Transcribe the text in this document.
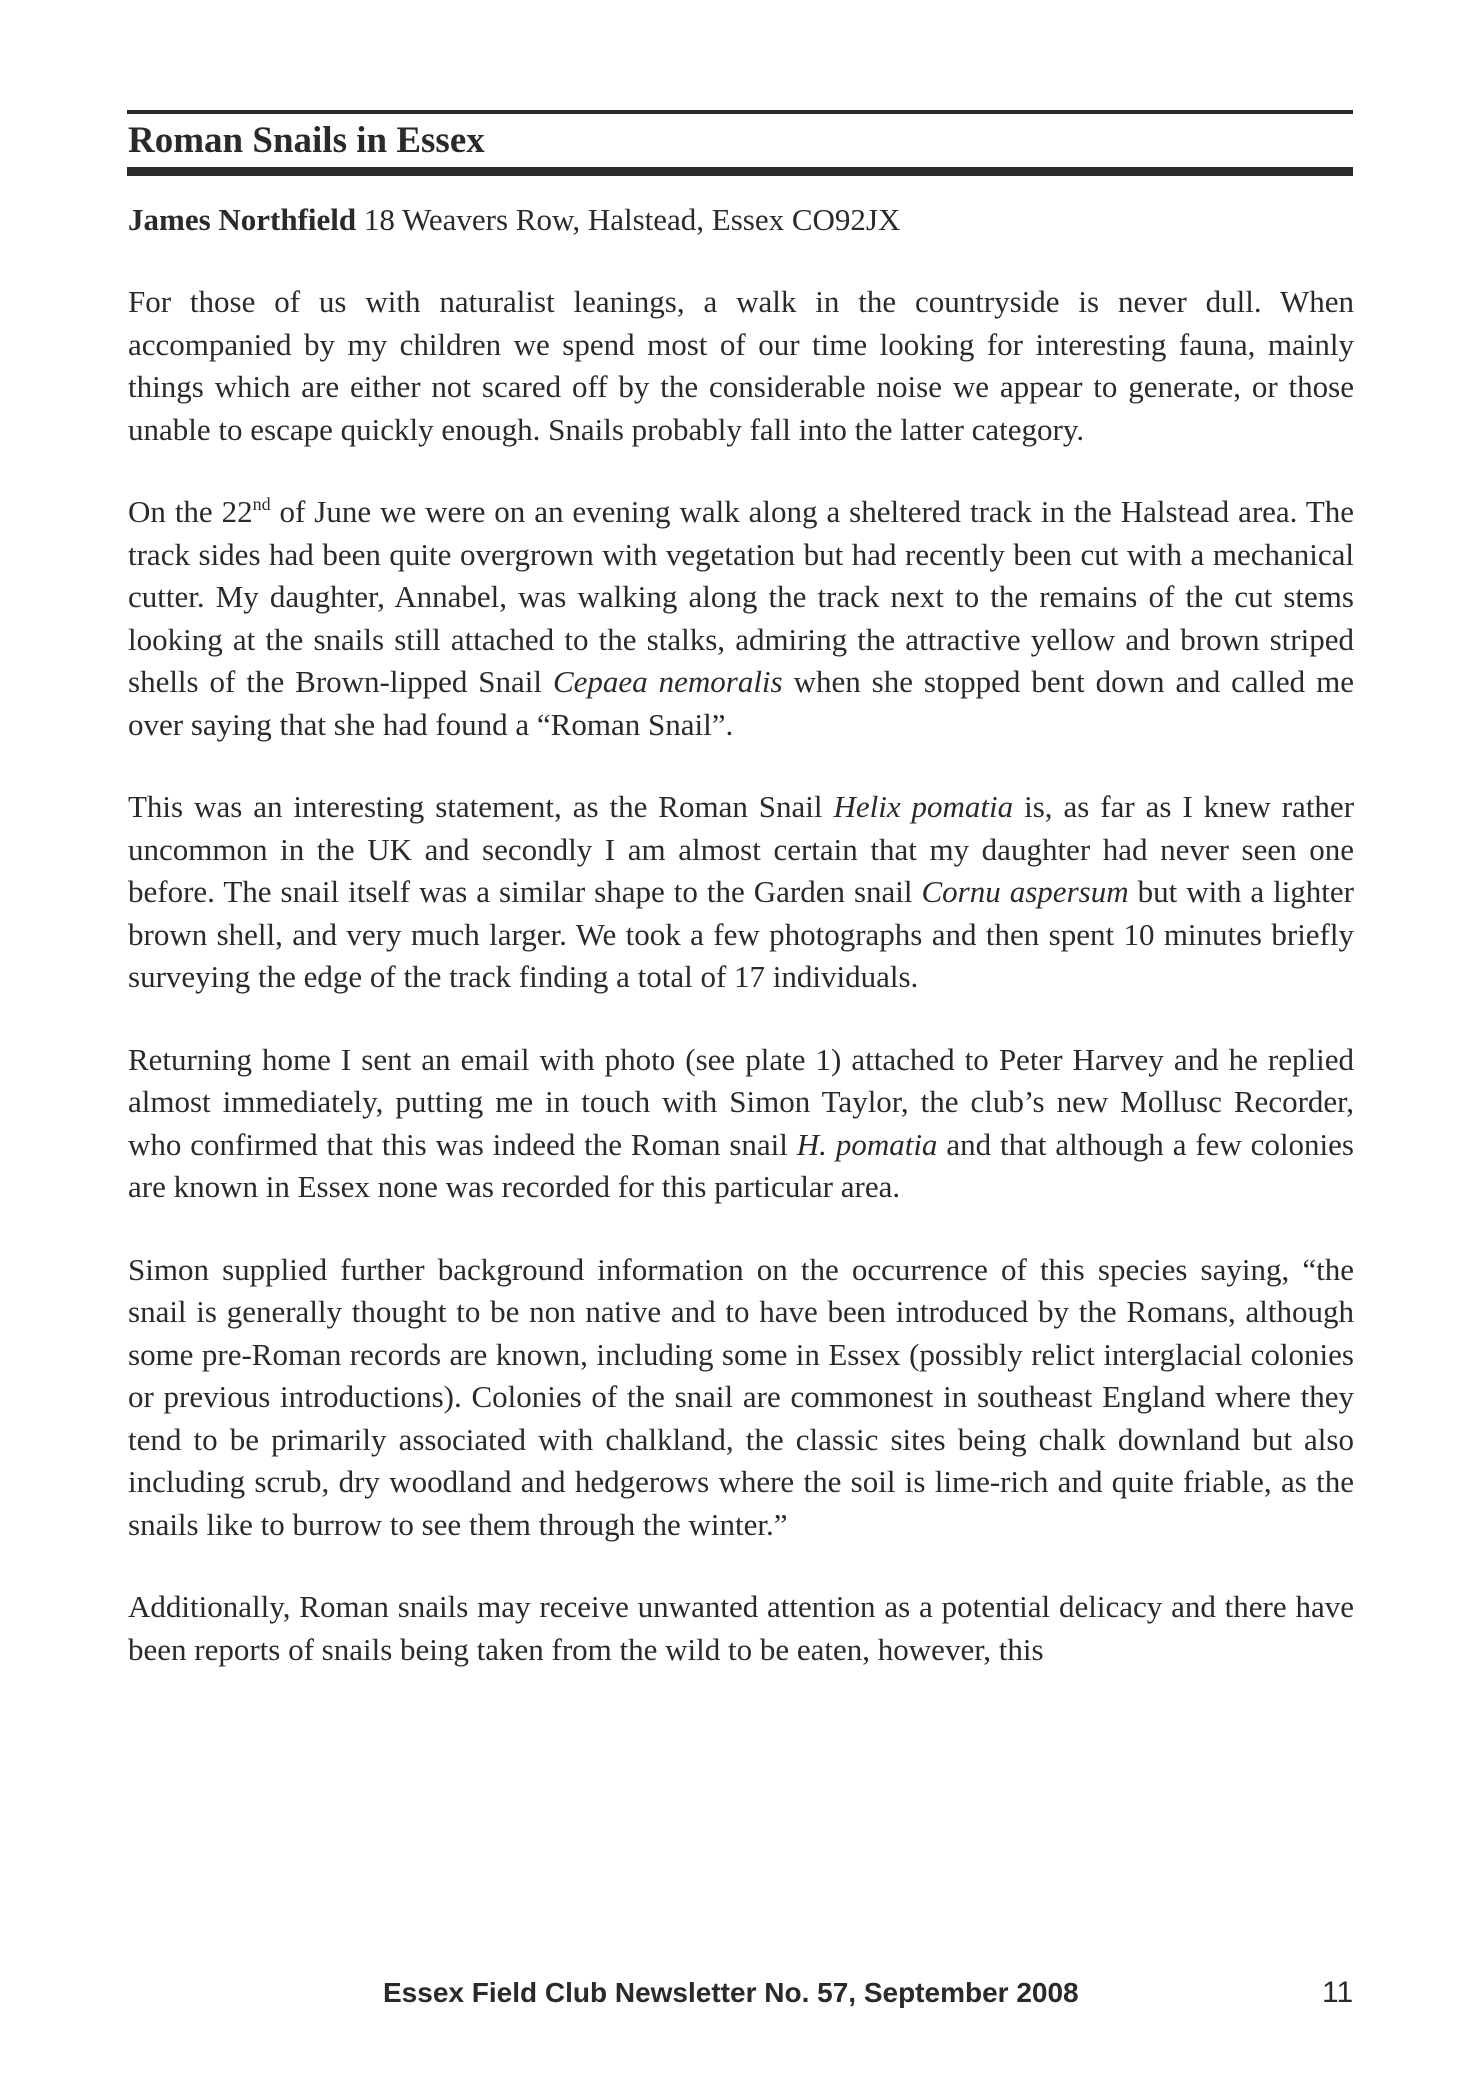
Roman Snails in Essex

James Northfield 18 Weavers Row, Halstead, Essex CO92JX

For those of us with naturalist leanings, a walk in the countryside is never dull. When accompanied by my children we spend most of our time looking for interesting fauna, mainly things which are either not scared off by the considerable noise we appear to generate, or those unable to escape quickly enough. Snails probably fall into the latter category.

On the 22nd of June we were on an evening walk along a sheltered track in the Halstead area. The track sides had been quite overgrown with vegetation but had recently been cut with a mechanical cutter. My daughter, Annabel, was walking along the track next to the remains of the cut stems looking at the snails still attached to the stalks, admiring the attractive yellow and brown striped shells of the Brown-lipped Snail Cepaea nemoralis when she stopped bent down and called me over saying that she had found a “Roman Snail”.

This was an interesting statement, as the Roman Snail Helix pomatia is, as far as I knew rather uncommon in the UK and secondly I am almost certain that my daughter had never seen one before. The snail itself was a similar shape to the Garden snail Cornu aspersum but with a lighter brown shell, and very much larger. We took a few photographs and then spent 10 minutes briefly surveying the edge of the track finding a total of 17 individuals.

Returning home I sent an email with photo (see plate 1) attached to Peter Harvey and he replied almost immediately, putting me in touch with Simon Taylor, the club’s new Mollusc Recorder, who confirmed that this was indeed the Roman snail H. pomatia and that although a few colonies are known in Essex none was recorded for this particular area.

Simon supplied further background information on the occurrence of this species saying, “the snail is generally thought to be non native and to have been introduced by the Romans, although some pre-Roman records are known, including some in Essex (possibly relict interglacial colonies or previous introductions). Colonies of the snail are commonest in southeast England where they tend to be primarily associated with chalkland, the classic sites being chalk downland but also including scrub, dry woodland and hedgerows where the soil is lime-rich and quite friable, as the snails like to burrow to see them through the winter.”

Additionally, Roman snails may receive unwanted attention as a potential delicacy and there have been reports of snails being taken from the wild to be eaten, however, this

Essex Field Club Newsletter No. 57, September 2008	11
